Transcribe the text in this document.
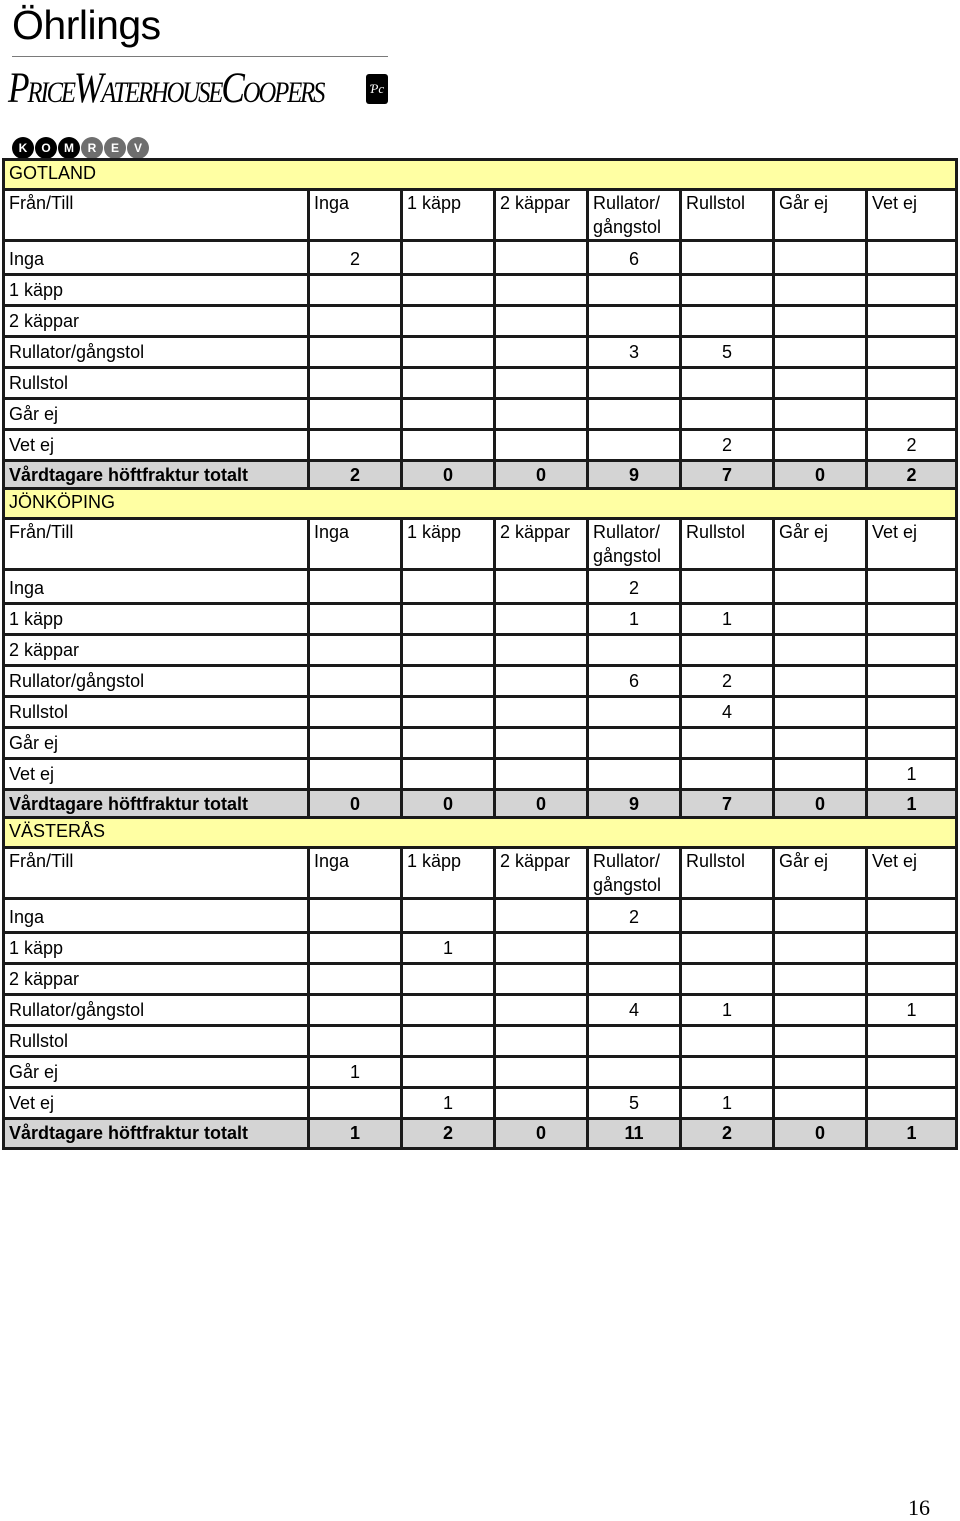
Öhrlings
PRICEWATERHOUSECOOPERS	Ƥc
K	O	M	R	E	V
GOTLAND							

Från/Till	Inga	1 käpp	2 käppar	Rullator/ gångstol	Rullstol	Går ej	Vet ej
Inga	2			6			
1 käpp							
2 käppar							
Rullator/gångstol				3	5		
Rullstol							
Går ej							
Vet ej					2		2
Vårdtagare höftfraktur totalt	2	0	0	9	7	0	2
JÖNKÖPING							

Från/Till	Inga	1 käpp	2 käppar	Rullator/ gångstol	Rullstol	Går ej	Vet ej
Inga				2			
1 käpp				1	1		
2 käppar							
Rullator/gångstol				6	2		
Rullstol					4		
Går ej							
Vet ej							1
Vårdtagare höftfraktur totalt	0	0	0	9	7	0	1
VÄSTERÅS							

Från/Till	Inga	1 käpp	2 käppar	Rullator/ gångstol	Rullstol	Går ej	Vet ej
Inga				2			
1 käpp		1					
2 käppar							
Rullator/gångstol				4	1		1
Rullstol							
Går ej	1						
Vet ej		1		5	1		
Vårdtagare höftfraktur totalt	1	2	0	11	2	0	1
16
